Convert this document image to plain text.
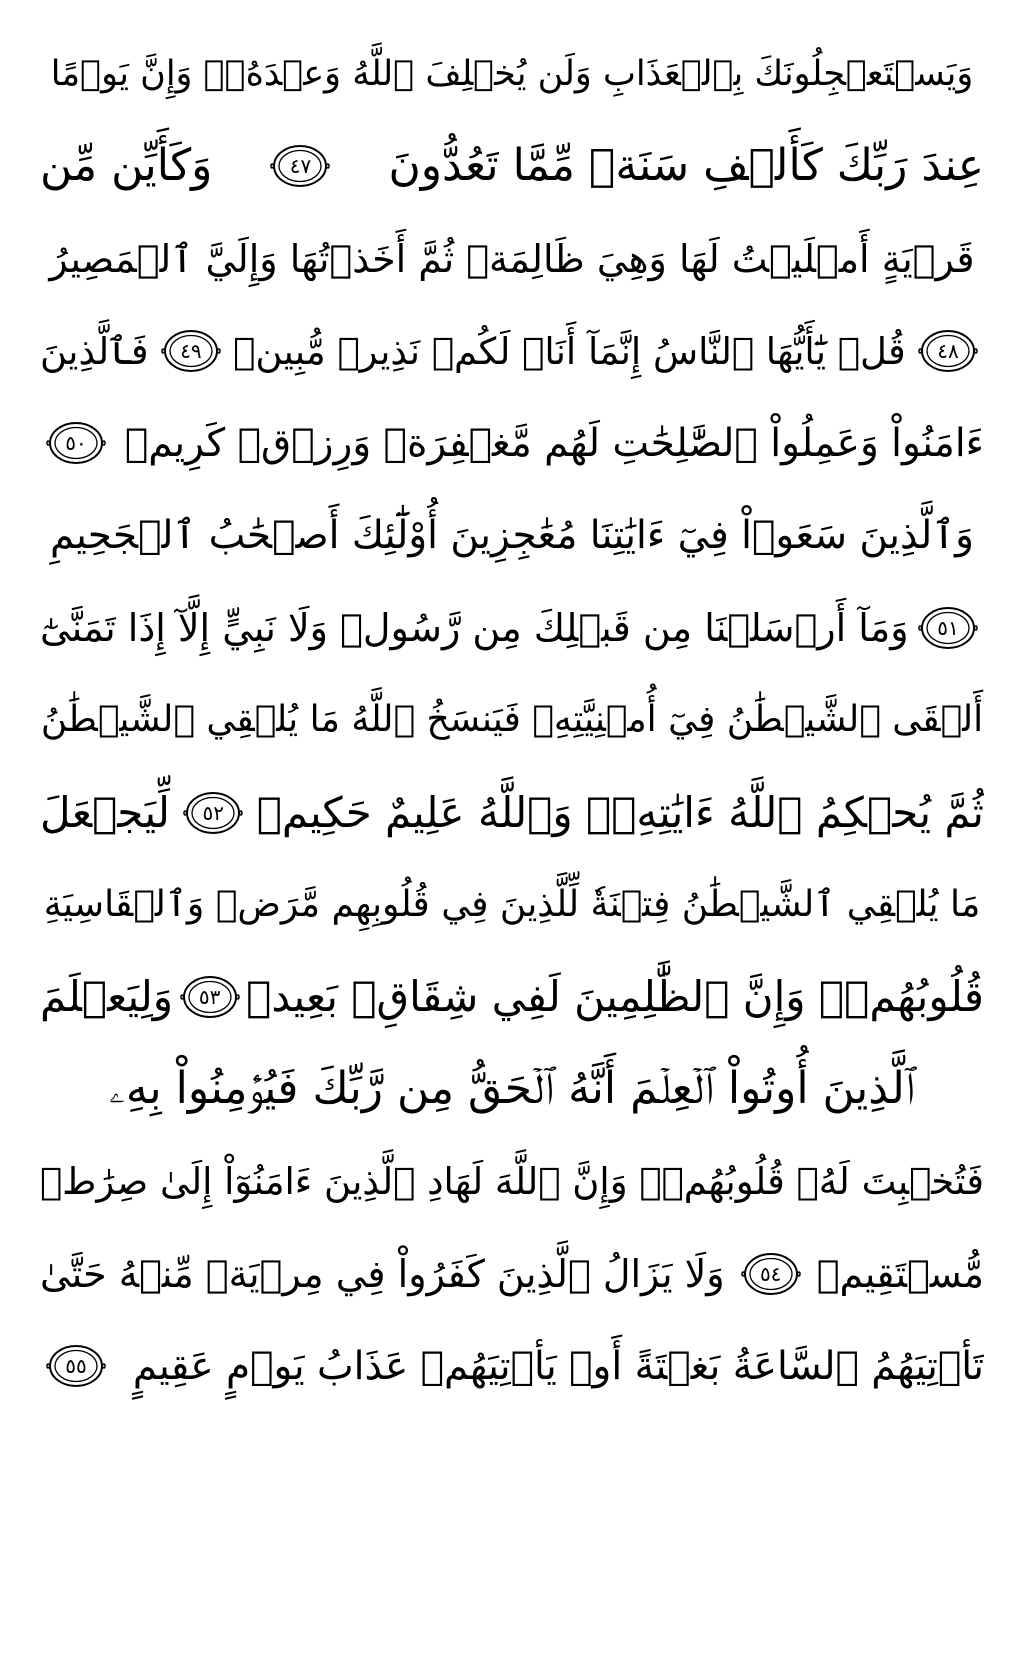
وَيَسۡتَعۡجِلُونَكَ بِٱلۡعَذَابِ وَلَن يُخۡلِفَ ٱللَّهُ وَعۡدَهُۥۚ وَإِنَّ يَوۡمًا
عِندَ رَبِّكَ كَأَلۡفِ سَنَةٖ مِّمَّا تَعُدُّونَ
٤٧
وَكَأَيِّن مِّن
قَرۡيَةٍ أَمۡلَيۡتُ لَهَا وَهِيَ ظَالِمَةٞ ثُمَّ أَخَذۡتُهَا وَإِلَيَّ ٱلۡمَصِيرُ
٤٨
قُلۡ يَٰٓأَيُّهَا ٱلنَّاسُ إِنَّمَآ أَنَا۠ لَكُمۡ نَذِيرٞ مُّبِينٞ
٤٩
فَٱلَّذِينَ
ءَامَنُواْ وَعَمِلُواْ ٱلصَّٰلِحَٰتِ لَهُم مَّغۡفِرَةٞ وَرِزۡقٞ كَرِيمٞ
٥٠
وَٱلَّذِينَ سَعَوۡاْ فِيٓ ءَايَٰتِنَا مُعَٰجِزِينَ أُوْلَٰٓئِكَ أَصۡحَٰبُ ٱلۡجَحِيمِ
٥١
وَمَآ أَرۡسَلۡنَا مِن قَبۡلِكَ مِن رَّسُولٖ وَلَا نَبِيٍّ إِلَّآ إِذَا تَمَنَّىٰٓ
أَلۡقَى ٱلشَّيۡطَٰنُ فِيٓ أُمۡنِيَّتِهِۦ فَيَنسَخُ ٱللَّهُ مَا يُلۡقِي ٱلشَّيۡطَٰنُ
ثُمَّ يُحۡكِمُ ٱللَّهُ ءَايَٰتِهِۦۗ وَٱللَّهُ عَلِيمٌ حَكِيمٞ
٥٢
لِّيَجۡعَلَ
مَا يُلۡقِي ٱلشَّيۡطَٰنُ فِتۡنَةٗ لِّلَّذِينَ فِي قُلُوبِهِم مَّرَضٞ وَٱلۡقَاسِيَةِ
قُلُوبُهُمۡۗ وَإِنَّ ٱلظَّٰلِمِينَ لَفِي شِقَاقِۭ بَعِيدٖ
٥٣
وَلِيَعۡلَمَ
ٱلَّذِينَ أُوتُواْ ٱلۡعِلۡمَ أَنَّهُ ٱلۡحَقُّ مِن رَّبِّكَ فَيُؤۡمِنُواْ بِهِۦ
فَتُخۡبِتَ لَهُۥ قُلُوبُهُمۡۗ وَإِنَّ ٱللَّهَ لَهَادِ ٱلَّذِينَ ءَامَنُوٓاْ إِلَىٰ صِرَٰطٖ
مُّسۡتَقِيمٖ
٥٤
وَلَا يَزَالُ ٱلَّذِينَ كَفَرُواْ فِي مِرۡيَةٖ مِّنۡهُ حَتَّىٰ
تَأۡتِيَهُمُ ٱلسَّاعَةُ بَغۡتَةً أَوۡ يَأۡتِيَهُمۡ عَذَابُ يَوۡمٍ عَقِيمٍ
٥٥
